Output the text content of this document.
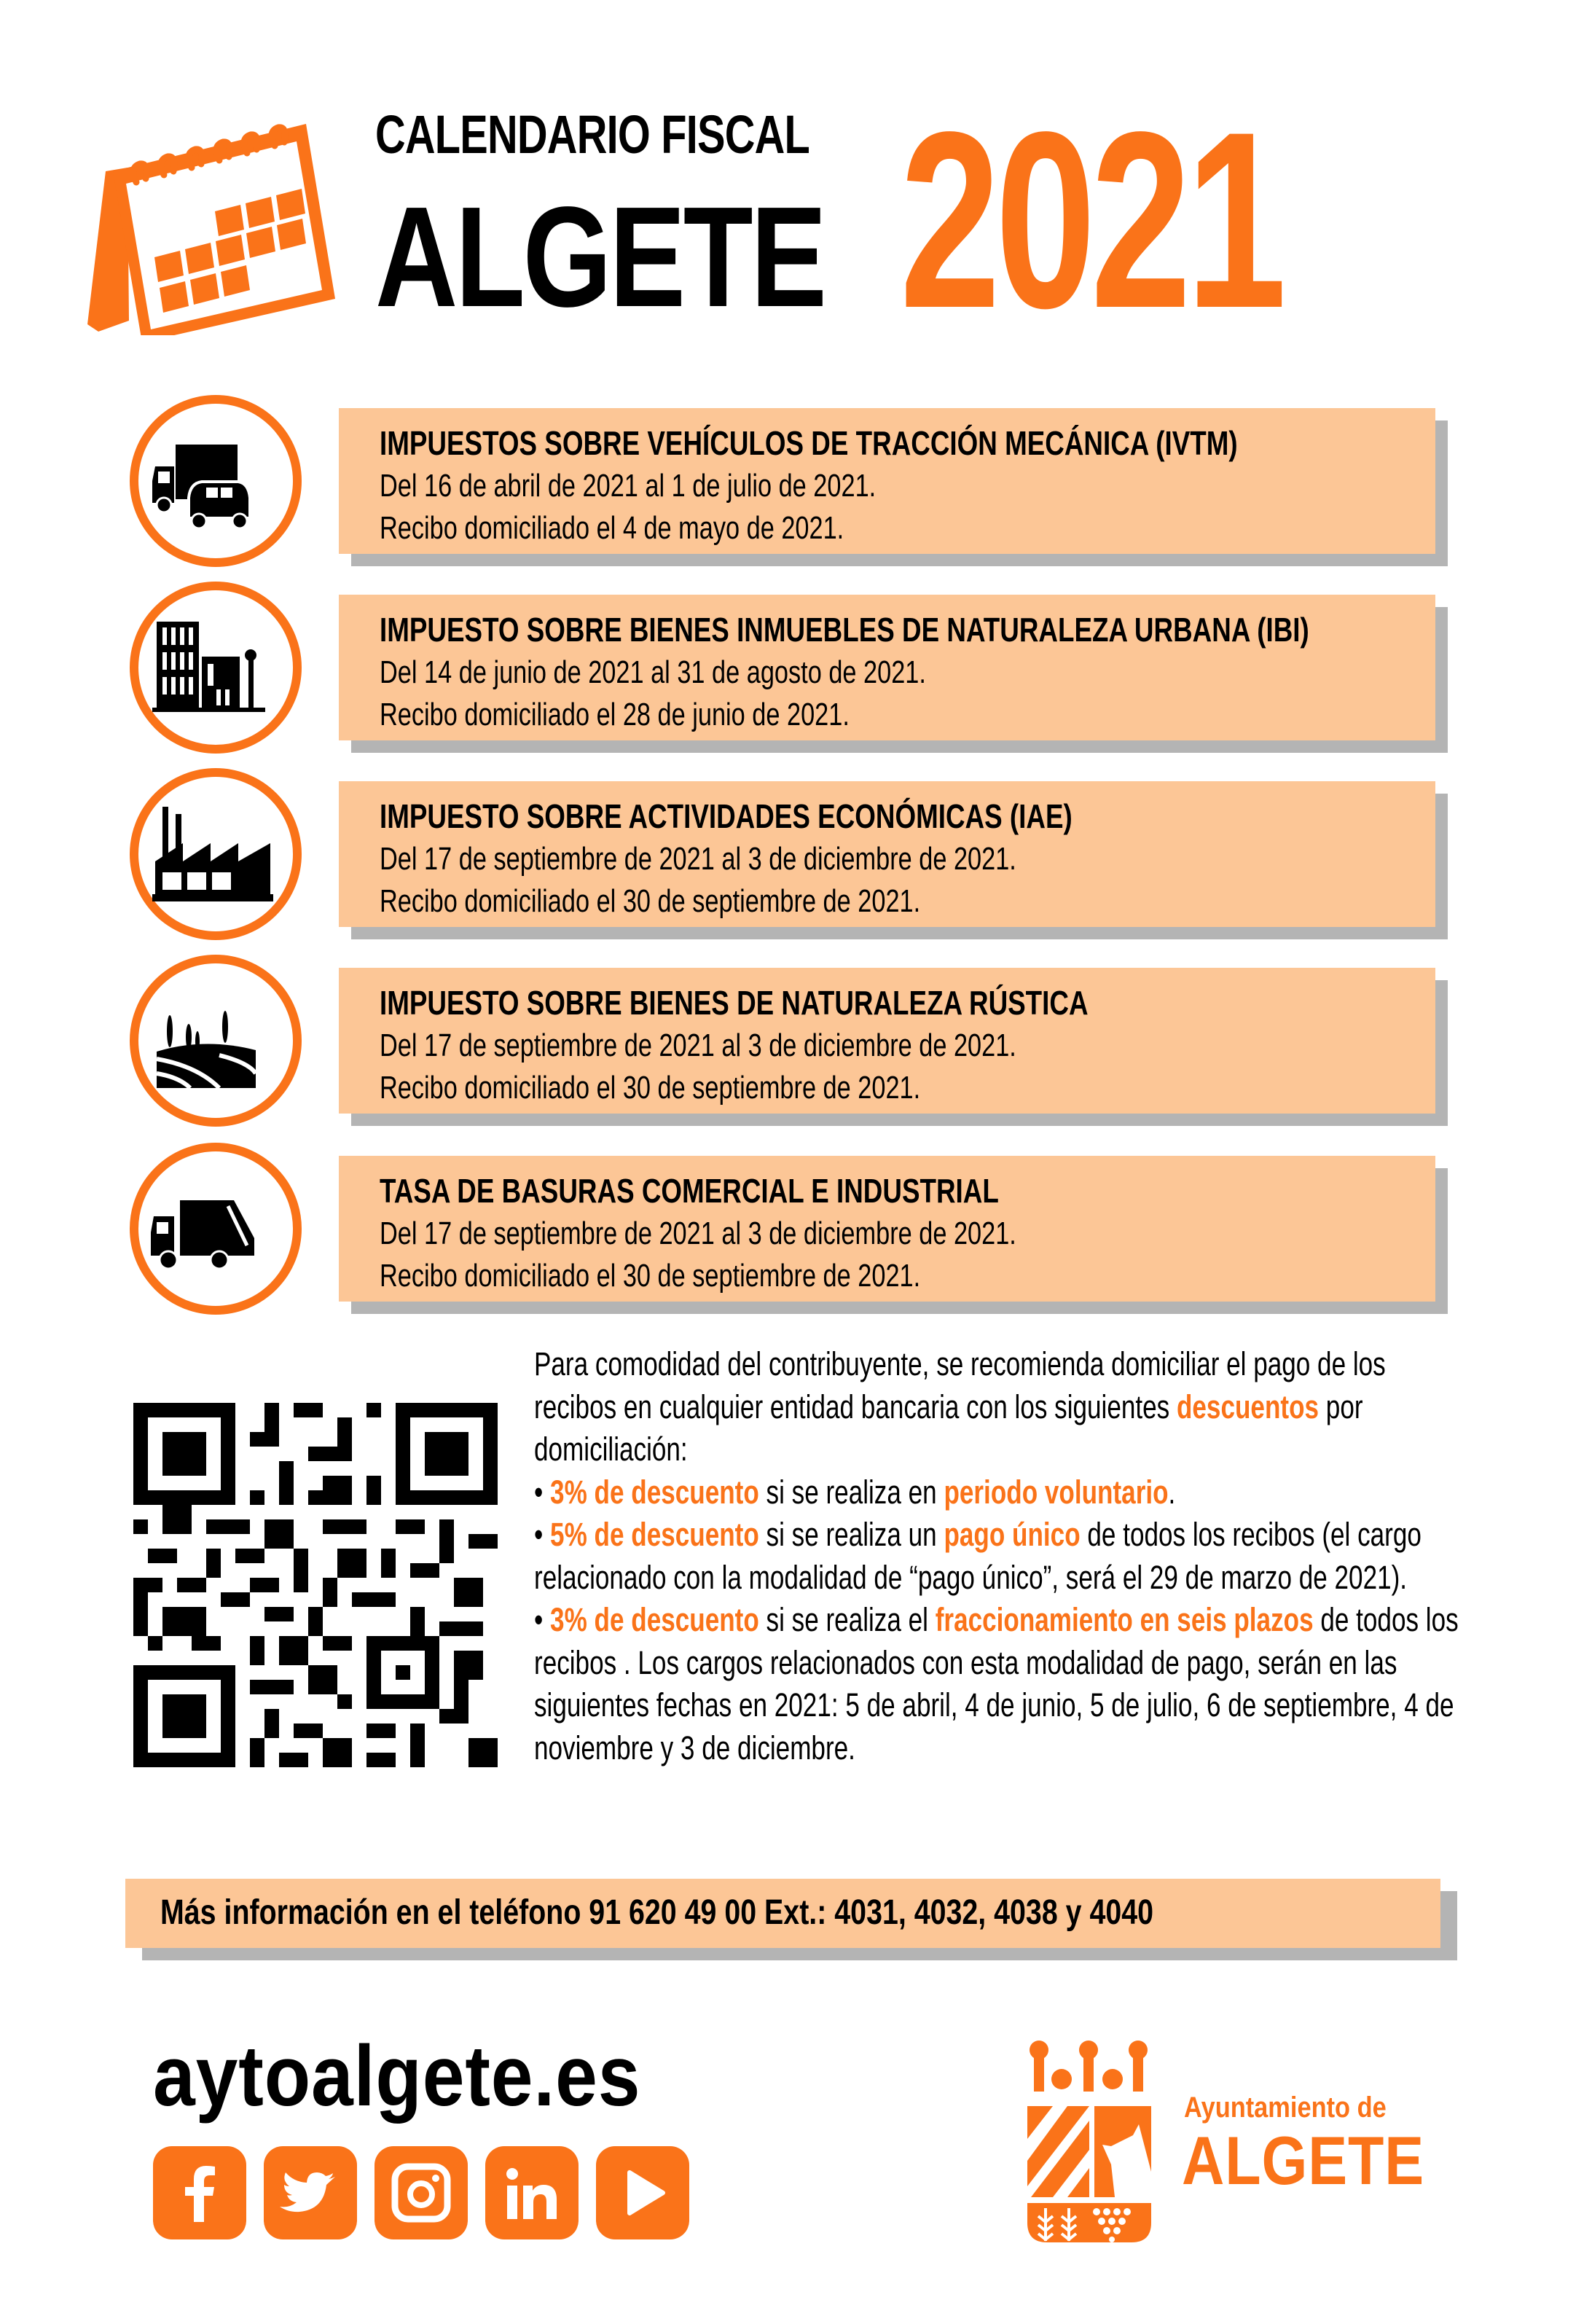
CALENDARIO FISCAL
ALGETE 2021
IMPUESTOS SOBRE VEHÍCULOS DE TRACCIÓN MECÁNICA (IVTM)
Del 16 de abril de 2021 al 1 de julio de 2021.
Recibo domiciliado el 4 de mayo de 2021.
IMPUESTO SOBRE BIENES INMUEBLES DE NATURALEZA URBANA (IBI)
Del 14 de junio de 2021 al 31 de agosto de 2021.
Recibo domiciliado el 28 de junio de 2021.
IMPUESTO SOBRE ACTIVIDADES ECONÓMICAS (IAE)
Del 17 de septiembre de 2021 al 3 de diciembre de 2021.
Recibo domiciliado el 30 de septiembre de 2021.
IMPUESTO SOBRE BIENES DE NATURALEZA RÚSTICA
Del 17 de septiembre de 2021 al 3 de diciembre de 2021.
Recibo domiciliado el 30 de septiembre de 2021.
TASA DE BASURAS COMERCIAL E INDUSTRIAL
Del 17 de septiembre de 2021 al 3 de diciembre de 2021.
Recibo domiciliado el 30 de septiembre de 2021.
Para comodidad del contribuyente, se recomienda domiciliar el pago de los recibos en cualquier entidad bancaria con los siguientes descuentos por domiciliación:
• 3% de descuento si se realiza en periodo voluntario.
• 5% de descuento si se realiza un pago único de todos los recibos (el cargo relacionado con la modalidad de “pago único”, será el 29 de marzo de 2021).
• 3% de descuento si se realiza el fraccionamiento en seis plazos de todos los recibos . Los cargos relacionados con esta modalidad de pago, serán en las siguientes fechas en 2021: 5 de abril, 4 de junio, 5 de julio, 6 de septiembre, 4 de noviembre y 3 de diciembre.
Más información en el teléfono 91 620 49 00 Ext.: 4031, 4032, 4038 y 4040
aytoalgete.es	Ayuntamiento de
ALGETE
